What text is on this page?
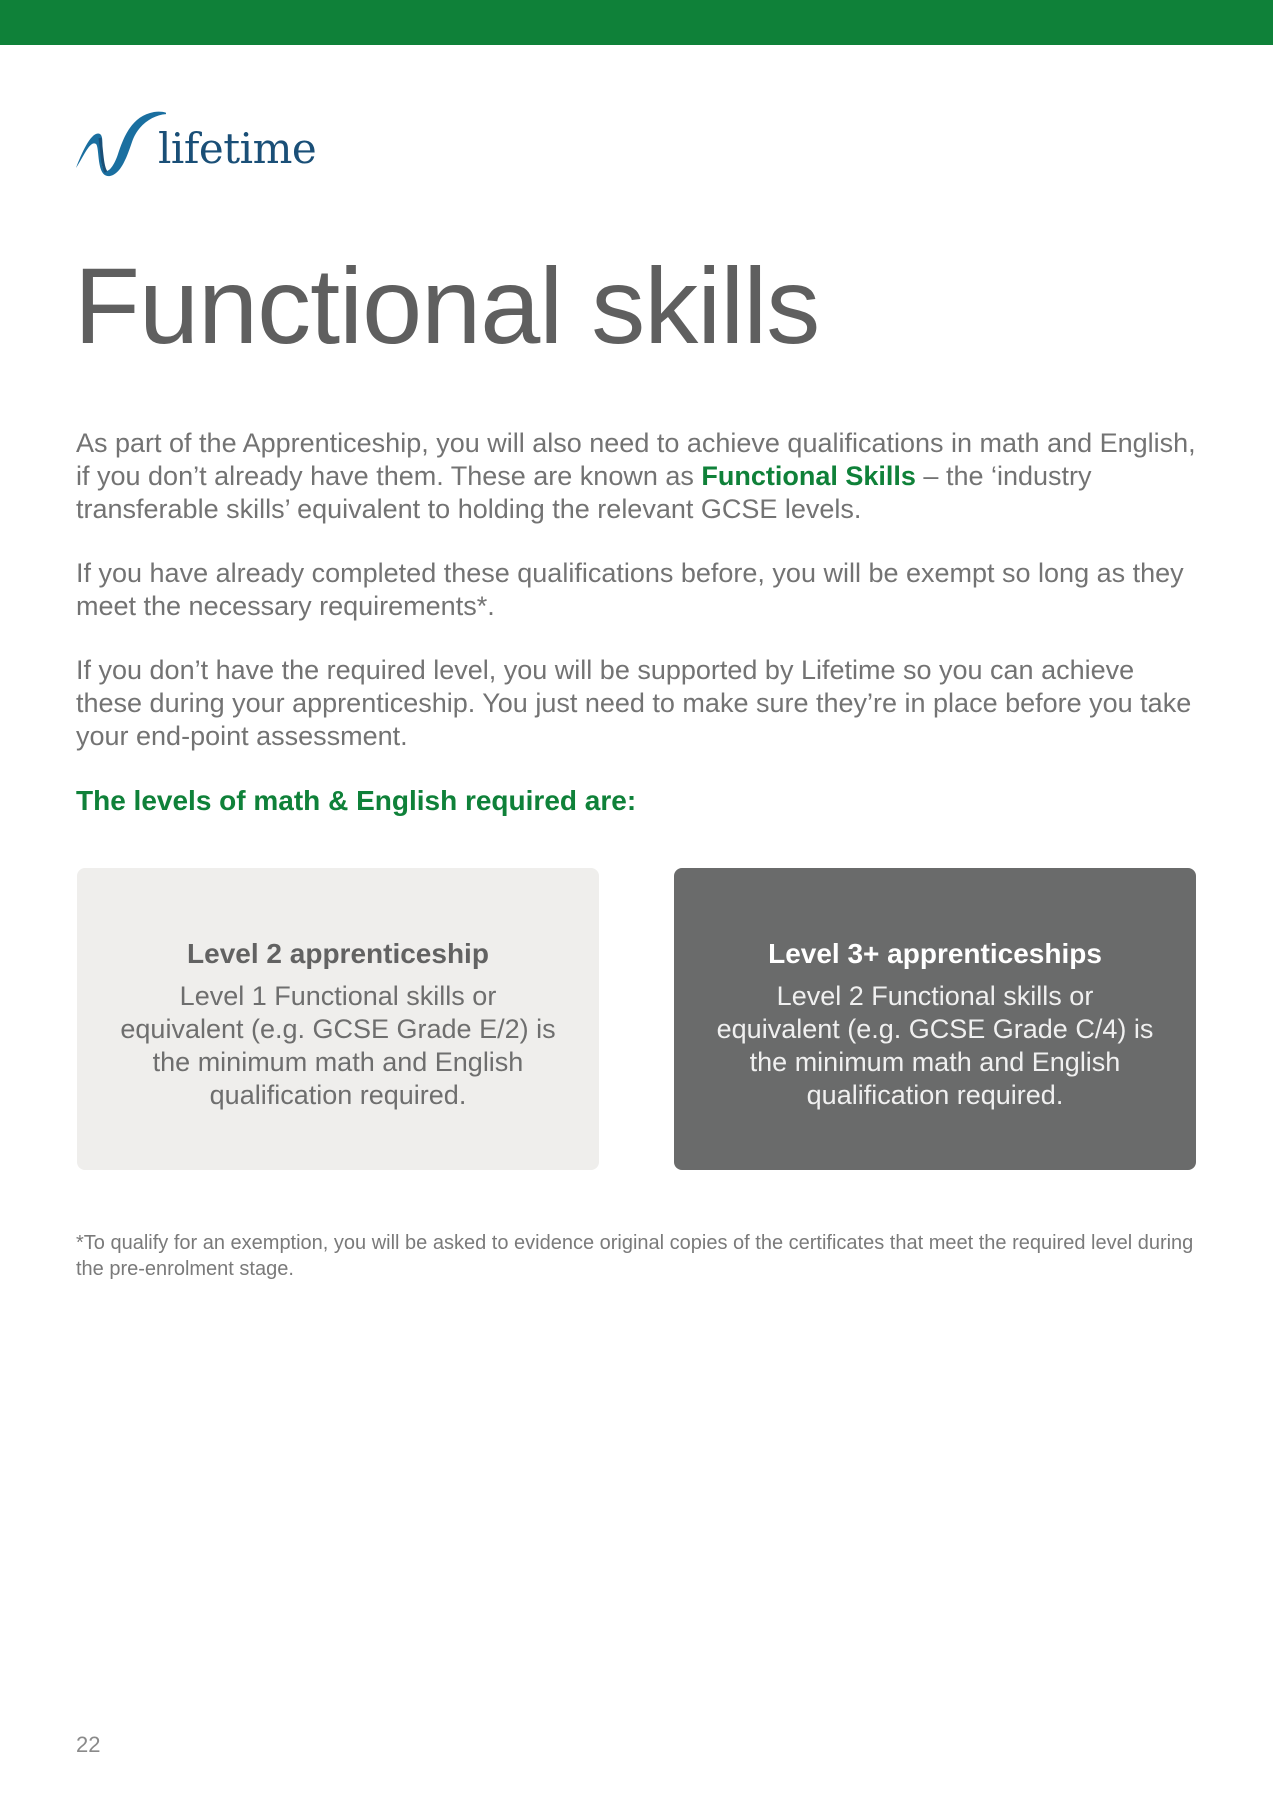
lifetime
Functional skills

As part of the Apprenticeship, you will also need to achieve qualifications in math and English, if you don’t already have them. These are known as Functional Skills – the ‘industry transferable skills’ equivalent to holding the relevant GCSE levels.

If you have already completed these qualifications before, you will be exempt so long as they meet the necessary requirements*.

If you don’t have the required level, you will be supported by Lifetime so you can achieve these during your apprenticeship. You just need to make sure they’re in place before you take your end-point assessment.

The levels of math & English required are:
Level 2 apprenticeship
Level 1 Functional skills or equivalent (e.g. GCSE Grade E/2) is the minimum math and English qualification required.
Level 3+ apprenticeships
Level 2 Functional skills or equivalent (e.g. GCSE Grade C/4) is the minimum math and English qualification required.

*To qualify for an exemption, you will be asked to evidence original copies of the certificates that meet the required level during the pre-enrolment stage.

22
